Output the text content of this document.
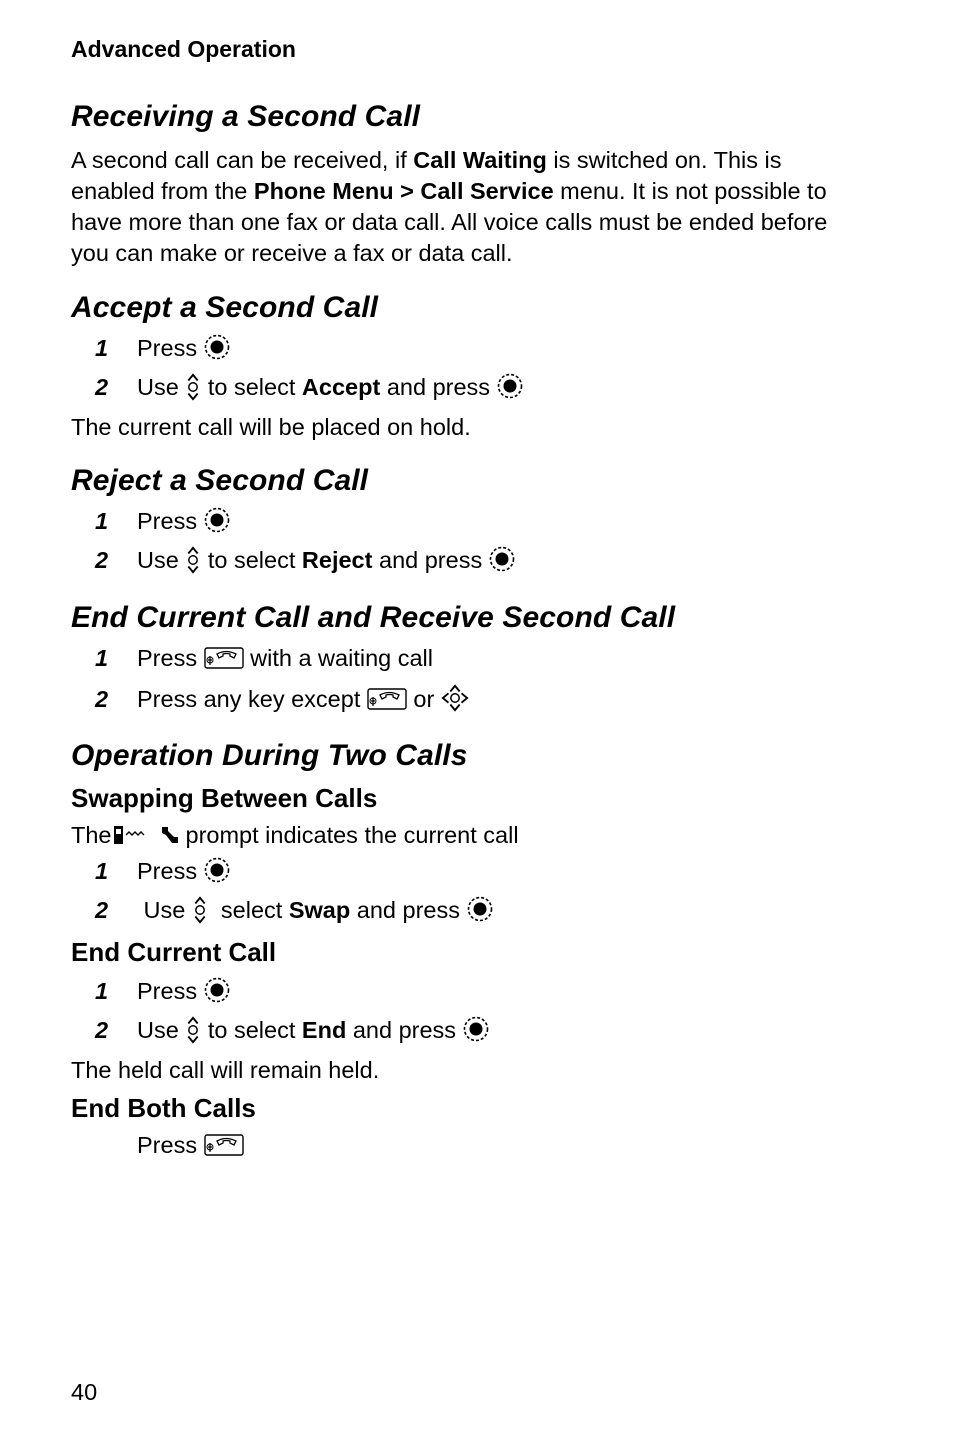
Advanced Operation
Receiving a Second Call
A second call can be received, if Call Waiting is switched on. This is enabled from the Phone Menu > Call Service menu. It is not possible to have more than one fax or data call. All voice calls must be ended before you can make or receive a fax or data call.
Accept a Second Call
1 Press
2 Use to select Accept and press
The current call will be placed on hold.
Reject a Second Call
1 Press
2 Use to select Reject and press
End Current Call and Receive Second Call
1 Press with a waiting call
2 Press any key except or
Operation During Two Calls
Swapping Between Calls
The	prompt indicates the current call
1 Press
2 Use select Swap and press
End Current Call
1 Press
2 Use to select End and press
The held call will remain held.
End Both Calls
Press
40
